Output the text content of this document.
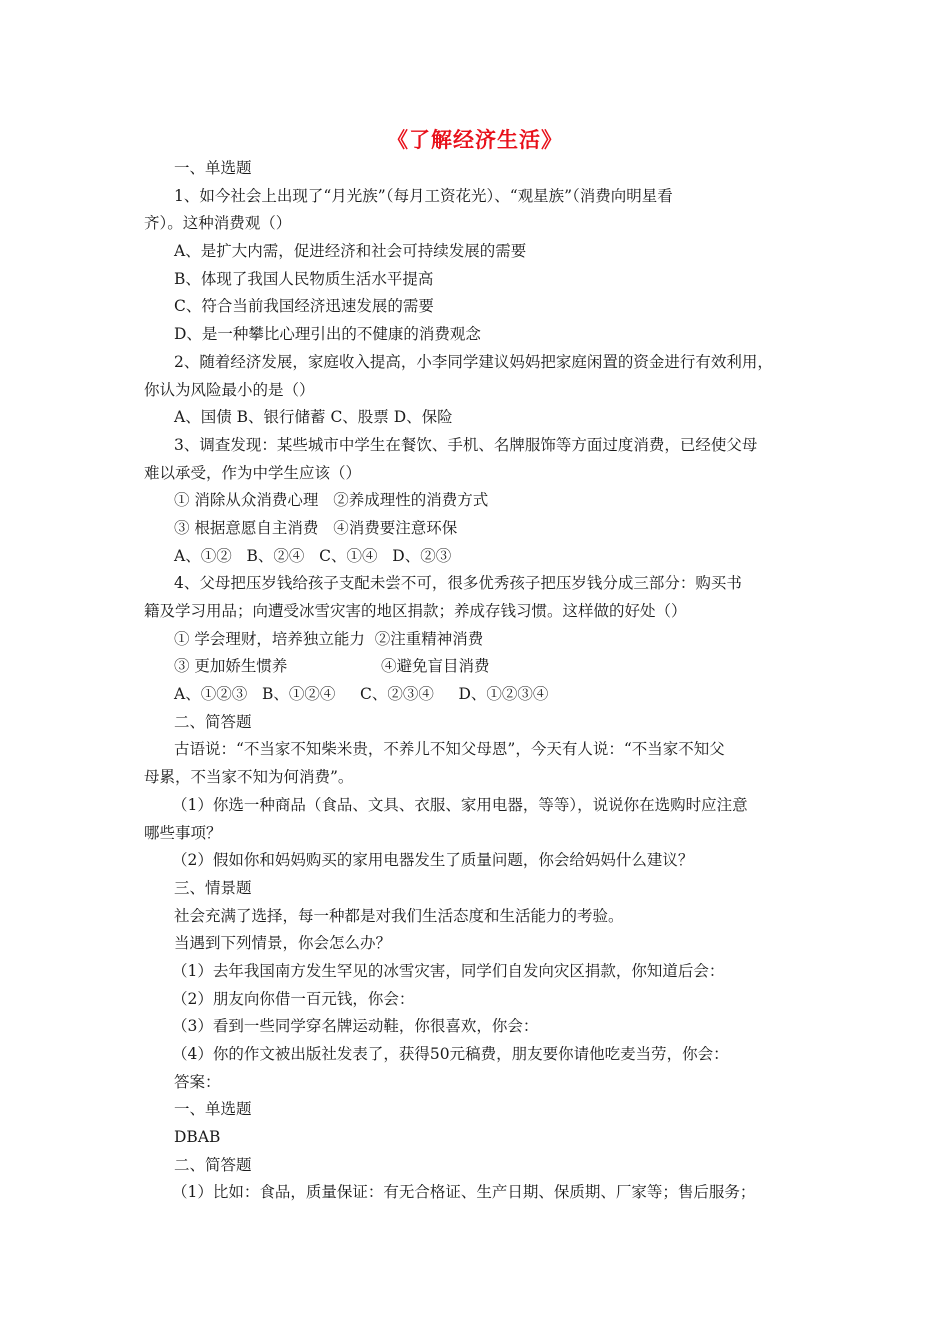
《了解经济生活》
一、单选题
1、如今社会上出现了“月光族”（每月工资花光）、“观星族”（消费向明星看
齐）。这种消费观（）
A、是扩大内需，促进经济和社会可持续发展的需要
B、体现了我国人民物质生活水平提高
C、符合当前我国经济迅速发展的需要
D、是一种攀比心理引出的不健康的消费观念
2、随着经济发展，家庭收入提高，小李同学建议妈妈把家庭闲置的资金进行有效利用，
你认为风险最小的是（）
A、国债 B、银行储蓄 C、股票 D、保险
3、调查发现：某些城市中学生在餐饮、手机、名牌服饰等方面过度消费，已经使父母
难以承受，作为中学生应该（）
① 消除从众消费心理   ②养成理性的消费方式
③ 根据意愿自主消费   ④消费要注意环保
A、①②   B、②④   C、①④   D、②③
4、父母把压岁钱给孩子支配未尝不可，很多优秀孩子把压岁钱分成三部分：购买书
籍及学习用品；向遭受冰雪灾害的地区捐款；养成存钱习惯。这样做的好处（）
① 学会理财，培养独立能力  ②注重精神消费
③ 更加娇生惯养                   ④避免盲目消费
A、①②③   B、①②④     C、②③④     D、①②③④
二、简答题
古语说：“不当家不知柴米贵，不养儿不知父母恩”，今天有人说：“不当家不知父
母累，不当家不知为何消费”。
（1）你选一种商品（食品、文具、衣服、家用电器，等等），说说你在选购时应注意
哪些事项？
（2）假如你和妈妈购买的家用电器发生了质量问题，你会给妈妈什么建议？
三、情景题
社会充满了选择，每一种都是对我们生活态度和生活能力的考验。
当遇到下列情景，你会怎么办？
（1）去年我国南方发生罕见的冰雪灾害，同学们自发向灾区捐款，你知道后会：
（2）朋友向你借一百元钱，你会：
（3）看到一些同学穿名牌运动鞋，你很喜欢，你会：
（4）你的作文被出版社发表了，获得50元稿费，朋友要你请他吃麦当劳，你会：
答案：
一、单选题
DBAB
二、简答题
（1）比如：食品，质量保证：有无合格证、生产日期、保质期、厂家等；售后服务；
